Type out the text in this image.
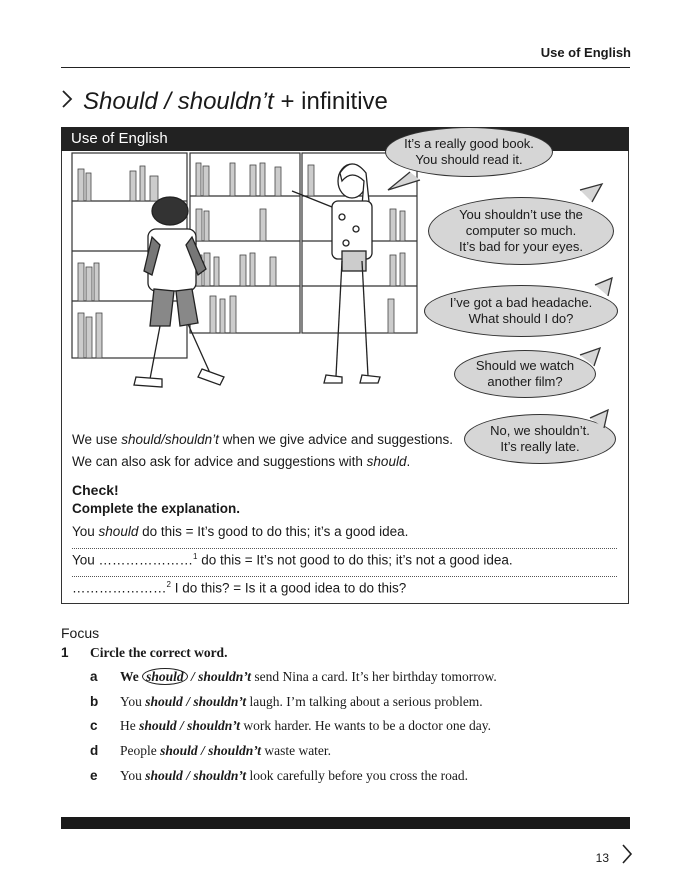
Use of English
Should / shouldn’t + infinitive
Use of English	It’s a really good book.
You should read it.
You shouldn’t use the
computer so much.
It’s bad for your eyes.
I’ve got a bad headache.
What should I do?
Should we watch
another film?
No, we shouldn’t.
It’s really late.
We use should/shouldn’t when we give advice and suggestions.
We can also ask for advice and suggestions with should.
Check!
Complete the explanation.
You should do this = It’s good to do this; it’s a good idea.
You …………………$^1$ do this = It’s not good to do this; it’s not a good idea.
…………………$^2$ I do this? = Is it a good idea to do this?
Focus
1 Circle the correct word.
a We should / shouldn’t send Nina a card. It’s her birthday tomorrow.
b You should / shouldn’t laugh. I’m talking about a serious problem.
c He should / shouldn’t work harder. He wants to be a doctor one day.
d People should / shouldn’t waste water.
e You should / shouldn’t look carefully before you cross the road.
13
